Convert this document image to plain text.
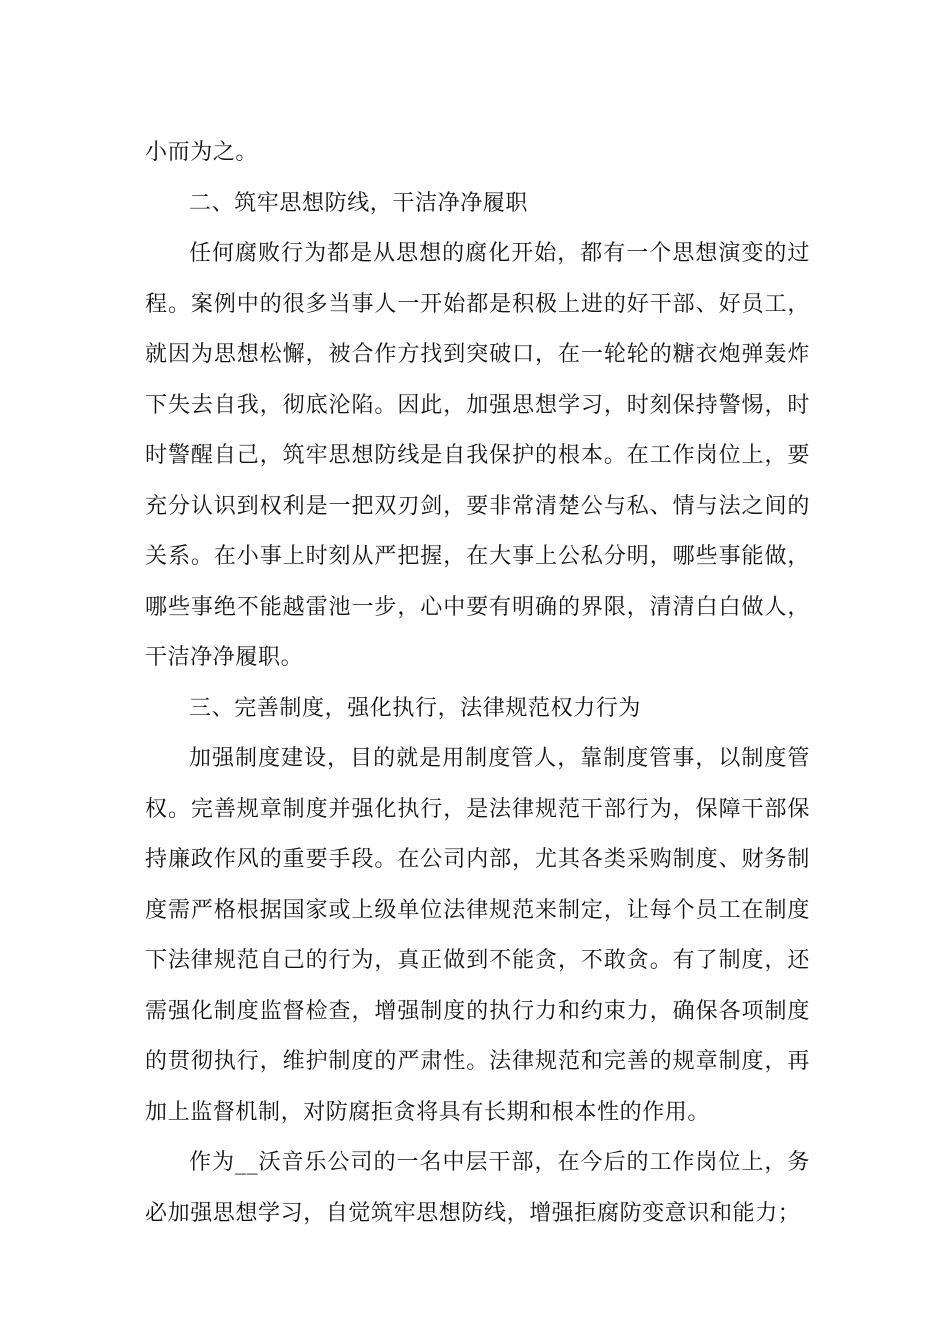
小而为之。

二、筑牢思想防线，干洁净净履职

任何腐败行为都是从思想的腐化开始，都有一个思想演变的过程。案例中的很多当事人一开始都是积极上进的好干部、好员工，就因为思想松懈，被合作方找到突破口，在一轮轮的糖衣炮弹轰炸下失去自我，彻底沦陷。因此，加强思想学习，时刻保持警惕，时时警醒自己，筑牢思想防线是自我保护的根本。在工作岗位上，要充分认识到权利是一把双刃剑，要非常清楚公与私、情与法之间的关系。在小事上时刻从严把握，在大事上公私分明，哪些事能做，哪些事绝不能越雷池一步，心中要有明确的界限，清清白白做人，干洁净净履职。

三、完善制度，强化执行，法律规范权力行为

加强制度建设，目的就是用制度管人，靠制度管事，以制度管权。完善规章制度并强化执行，是法律规范干部行为，保障干部保持廉政作风的重要手段。在公司内部，尤其各类采购制度、财务制度需严格根据国家或上级单位法律规范来制定，让每个员工在制度下法律规范自己的行为，真正做到不能贪，不敢贪。有了制度，还需强化制度监督检查，增强制度的执行力和约束力，确保各项制度的贯彻执行，维护制度的严肃性。法律规范和完善的规章制度，再加上监督机制，对防腐拒贪将具有长期和根本性的作用。

作为__沃音乐公司的一名中层干部，在今后的工作岗位上，务必加强思想学习，自觉筑牢思想防线，增强拒腐防变意识和能力；
